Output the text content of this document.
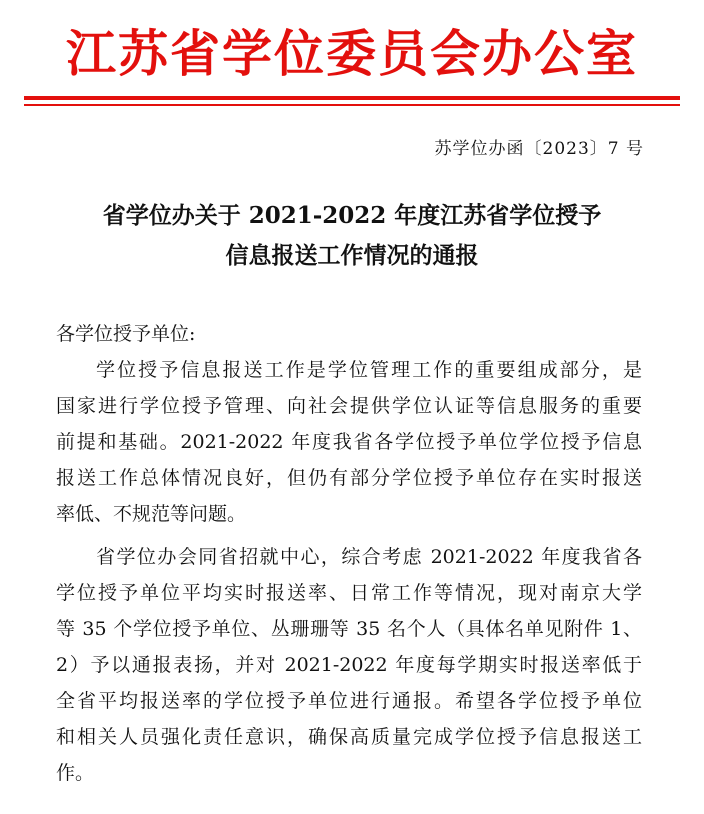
江苏省学位委员会办公室
苏学位办函〔2023〕7 号
省学位办关于 2021-2022 年度江苏省学位授予
信息报送工作情况的通报
各学位授予单位:
学位授予信息报送工作是学位管理工作的重要组成部分，是
国家进行学位授予管理、向社会提供学位认证等信息服务的重要
前提和基础。2021-2022 年度我省各学位授予单位学位授予信息
报送工作总体情况良好，但仍有部分学位授予单位存在实时报送
率低、不规范等问题。
省学位办会同省招就中心，综合考虑 2021-2022 年度我省各
学位授予单位平均实时报送率、日常工作等情况，现对南京大学
等 35 个学位授予单位、丛珊珊等 35 名个人（具体名单见附件 1、
2）予以通报表扬，并对 2021-2022 年度每学期实时报送率低于
全省平均报送率的学位授予单位进行通报。希望各学位授予单位
和相关人员强化责任意识，确保高质量完成学位授予信息报送工
作。
